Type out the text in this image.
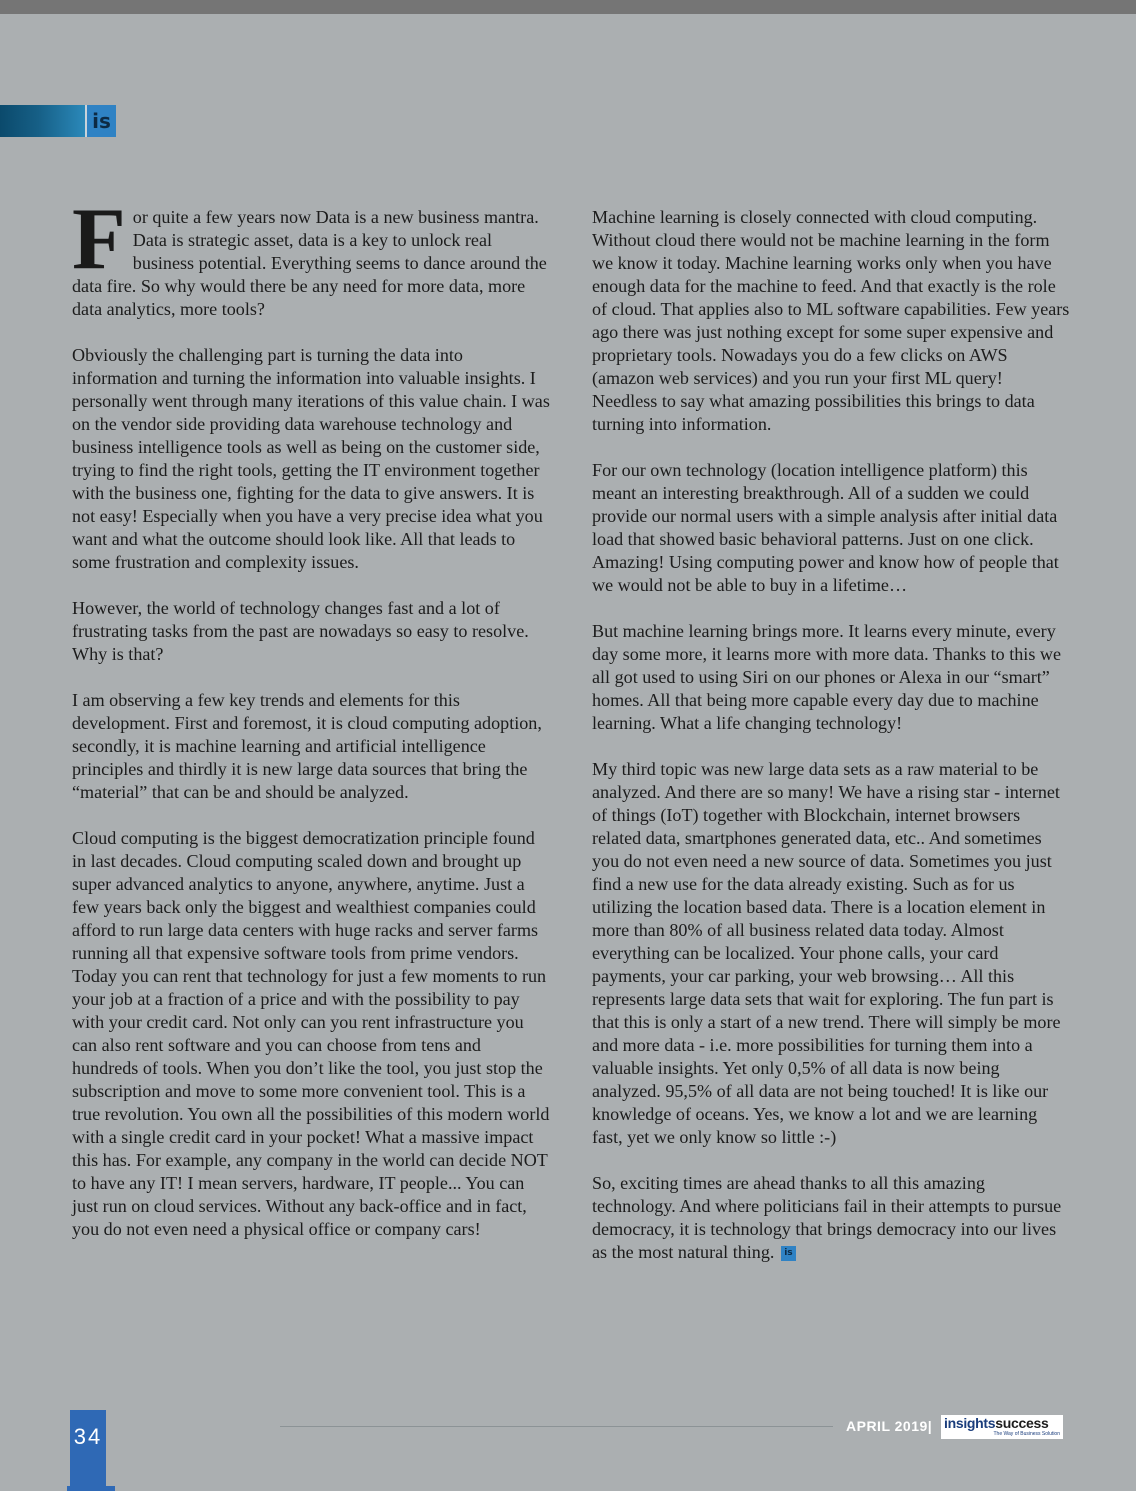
is

For quite a few years now Data is a new business mantra. Data is strategic asset, data is a key to unlock real business potential. Everything seems to dance around the data fire. So why would there be any need for more data, more data analytics, more tools?

Obviously the challenging part is turning the data into information and turning the information into valuable insights. I personally went through many iterations of this value chain. I was on the vendor side providing data warehouse technology and business intelligence tools as well as being on the customer side, trying to find the right tools, getting the IT environment together with the business one, fighting for the data to give answers. It is not easy! Especially when you have a very precise idea what you want and what the outcome should look like. All that leads to some frustration and complexity issues.

However, the world of technology changes fast and a lot of frustrating tasks from the past are nowadays so easy to resolve. Why is that?

I am observing a few key trends and elements for this development. First and foremost, it is cloud computing adoption, secondly, it is machine learning and artificial intelligence principles and thirdly it is new large data sources that bring the “material” that can be and should be analyzed.

Cloud computing is the biggest democratization principle found in last decades. Cloud computing scaled down and brought up super advanced analytics to anyone, anywhere, anytime. Just a few years back only the biggest and wealthiest companies could afford to run large data centers with huge racks and server farms running all that expensive software tools from prime vendors. Today you can rent that technology for just a few moments to run your job at a fraction of a price and with the possibility to pay with your credit card. Not only can you rent infrastructure you can also rent software and you can choose from tens and hundreds of tools. When you don’t like the tool, you just stop the subscription and move to some more convenient tool. This is a true revolution. You own all the possibilities of this modern world with a single credit card in your pocket! What a massive impact this has. For example, any company in the world can decide NOT to have any IT! I mean servers, hardware, IT people... You can just run on cloud services. Without any back-office and in fact, you do not even need a physical office or company cars!

Machine learning is closely connected with cloud computing. Without cloud there would not be machine learning in the form we know it today. Machine learning works only when you have enough data for the machine to feed. And that exactly is the role of cloud. That applies also to ML software capabilities. Few years ago there was just nothing except for some super expensive and proprietary tools. Nowadays you do a few clicks on AWS (amazon web services) and you run your first ML query! Needless to say what amazing possibilities this brings to data turning into information.

For our own technology (location intelligence platform) this meant an interesting breakthrough. All of a sudden we could provide our normal users with a simple analysis after initial data load that showed basic behavioral patterns. Just on one click. Amazing! Using computing power and know how of people that we would not be able to buy in a lifetime…

But machine learning brings more. It learns every minute, every day some more, it learns more with more data. Thanks to this we all got used to using Siri on our phones or Alexa in our “smart” homes. All that being more capable every day due to machine learning. What a life changing technology!

My third topic was new large data sets as a raw material to be analyzed. And there are so many! We have a rising star - internet of things (IoT) together with Blockchain, internet browsers related data, smartphones generated data, etc.. And sometimes you do not even need a new source of data. Sometimes you just find a new use for the data already existing. Such as for us utilizing the location based data. There is a location element in more than 80% of all business related data today. Almost everything can be localized. Your phone calls, your card payments, your car parking, your web browsing… All this represents large data sets that wait for exploring. The fun part is that this is only a start of a new trend. There will simply be more and more data - i.e. more possibilities for turning them into a valuable insights. Yet only 0,5% of all data is now being analyzed. 95,5% of all data are not being touched! It is like our knowledge of oceans. Yes, we know a lot and we are learning fast, yet we only know so little :-)

So, exciting times are ahead thanks to all this amazing technology. And where politicians fail in their attempts to pursue democracy, it is technology that brings democracy into our lives as the most natural thing. is

34	APRIL 2019| insightssuccess
The Way of Business Solution
